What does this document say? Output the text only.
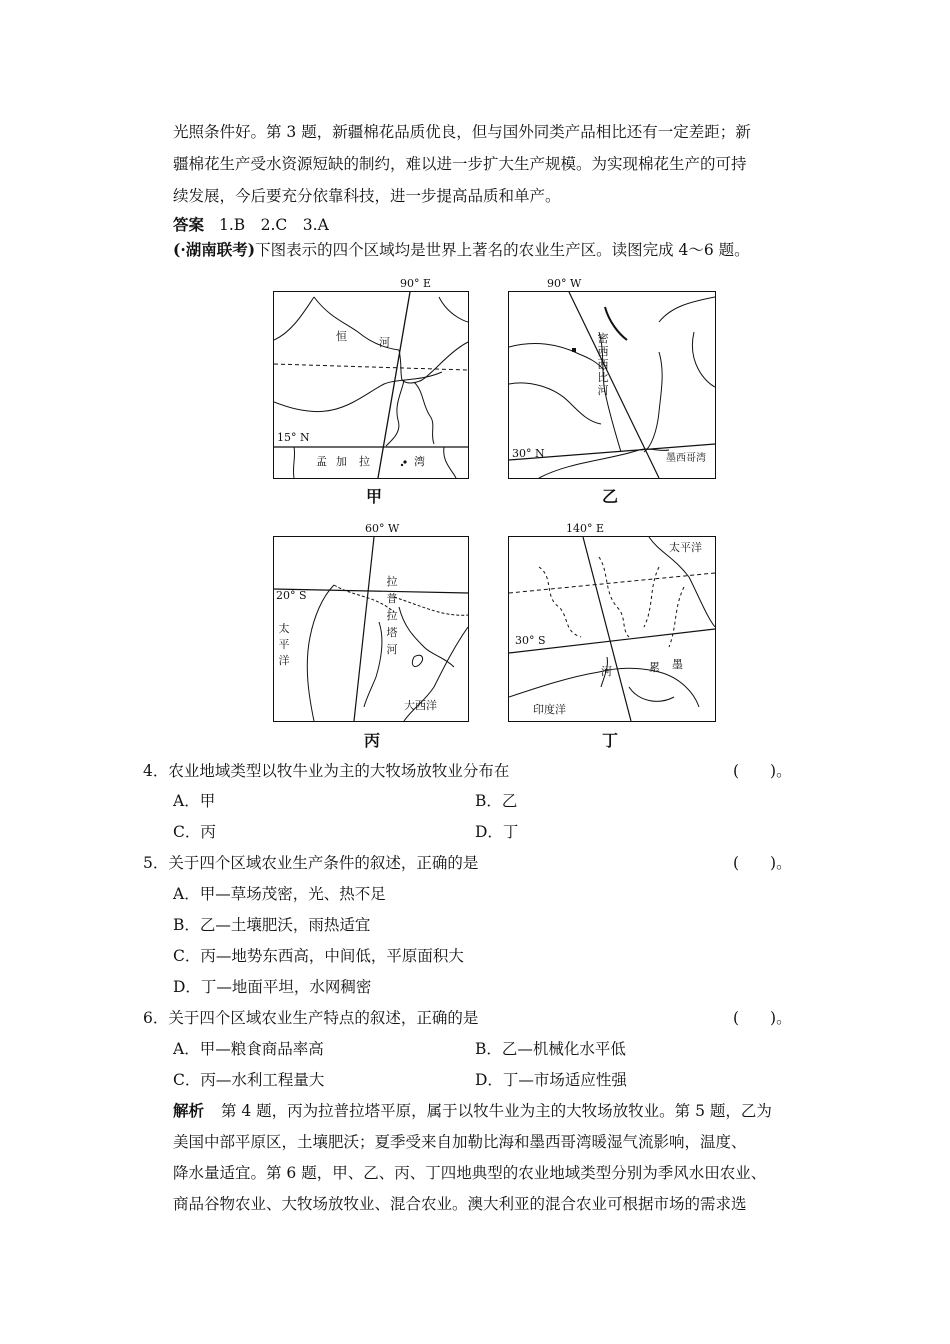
光照条件好。第 3 题，新疆棉花品质优良，但与国外同类产品相比还有一定差距；新
疆棉花生产受水资源短缺的制约，难以进一步扩大生产规模。为实现棉花生产的可持
续发展，今后要充分依靠科技，进一步提高品质和单产。
答案 1.B　2.C　3.A
(·湖南联考)下图表示的四个区域均是世界上著名的农业生产区。读图完成 4～6 题。
90° E
恒	河
15° N
孟 加 拉	湾
甲
90° W
密西西比河
30° N	墨西哥湾
乙
60° W
20° S
拉普拉塔河
太平洋
大西洋
丙
140° E
太平洋
30° S
河
墨
累
印度洋
丁
4．农业地域类型以牧牛业为主的大牧场放牧业分布在	(　　)。
A．甲	B．乙
C．丙	D．丁
5．关于四个区域农业生产条件的叙述，正确的是	(　　)。
A．甲—草场茂密，光、热不足
B．乙—土壤肥沃，雨热适宜
C．丙—地势东西高，中间低，平原面积大
D．丁—地面平坦，水网稠密
6．关于四个区域农业生产特点的叙述，正确的是	(　　)。
A．甲—粮食商品率高	B．乙—机械化水平低
C．丙—水利工程量大	D．丁—市场适应性强
解析 第 4 题，丙为拉普拉塔平原，属于以牧牛业为主的大牧场放牧业。第 5 题，乙为
美国中部平原区，土壤肥沃；夏季受来自加勒比海和墨西哥湾暖湿气流影响，温度、
降水量适宜。第 6 题，甲、乙、丙、丁四地典型的农业地域类型分别为季风水田农业、
商品谷物农业、大牧场放牧业、混合农业。澳大利亚的混合农业可根据市场的需求选
